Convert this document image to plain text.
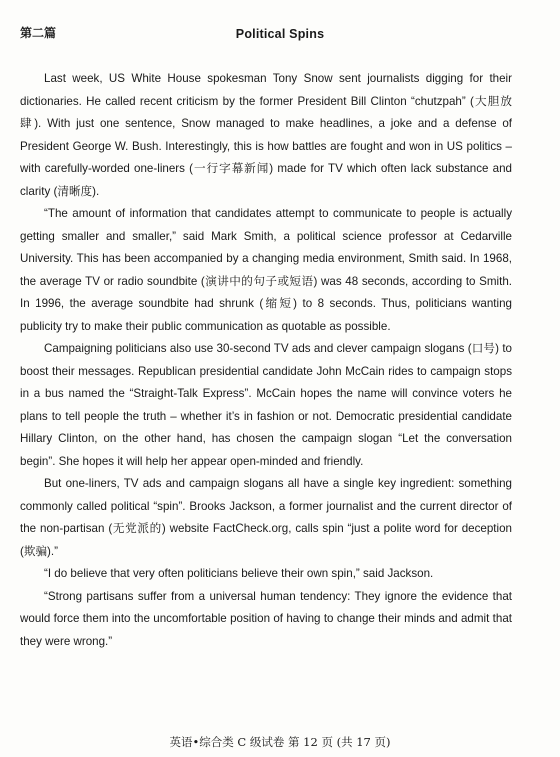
第二篇	Political Spins

Last week, US White House spokesman Tony Snow sent journalists digging for their dictionaries. He called recent criticism by the former President Bill Clinton “chutzpah” (大胆放肆). With just one sentence, Snow managed to make headlines, a joke and a defense of President George W. Bush. Interestingly, this is how battles are fought and won in US politics – with carefully-worded one-liners (一行字幕新闻) made for TV which often lack substance and clarity (清晰度).

“The amount of information that candidates attempt to communicate to people is actually getting smaller and smaller,” said Mark Smith, a political science professor at Cedarville University. This has been accompanied by a changing media environment, Smith said. In 1968, the average TV or radio soundbite (演讲中的句子或短语) was 48 seconds, according to Smith. In 1996, the average soundbite had shrunk (缩短) to 8 seconds. Thus, politicians wanting publicity try to make their public communication as quotable as possible.

Campaigning politicians also use 30-second TV ads and clever campaign slogans (口号) to boost their messages. Republican presidential candidate John McCain rides to campaign stops in a bus named the “Straight-Talk Express”. McCain hopes the name will convince voters he plans to tell people the truth – whether it’s in fashion or not. Democratic presidential candidate Hillary Clinton, on the other hand, has chosen the campaign slogan “Let the conversation begin”. She hopes it will help her appear open-minded and friendly.

But one-liners, TV ads and campaign slogans all have a single key ingredient: something commonly called political “spin”. Brooks Jackson, a former journalist and the current director of the non-partisan (无党派的) website FactCheck.org, calls spin “just a polite word for deception (欺骗).”

“I do believe that very often politicians believe their own spin,” said Jackson.

“Strong partisans suffer from a universal human tendency: They ignore the evidence that would force them into the uncomfortable position of having to change their minds and admit that they were wrong.”

英语•综合类 C 级试卷 第 12 页 (共 17 页)
